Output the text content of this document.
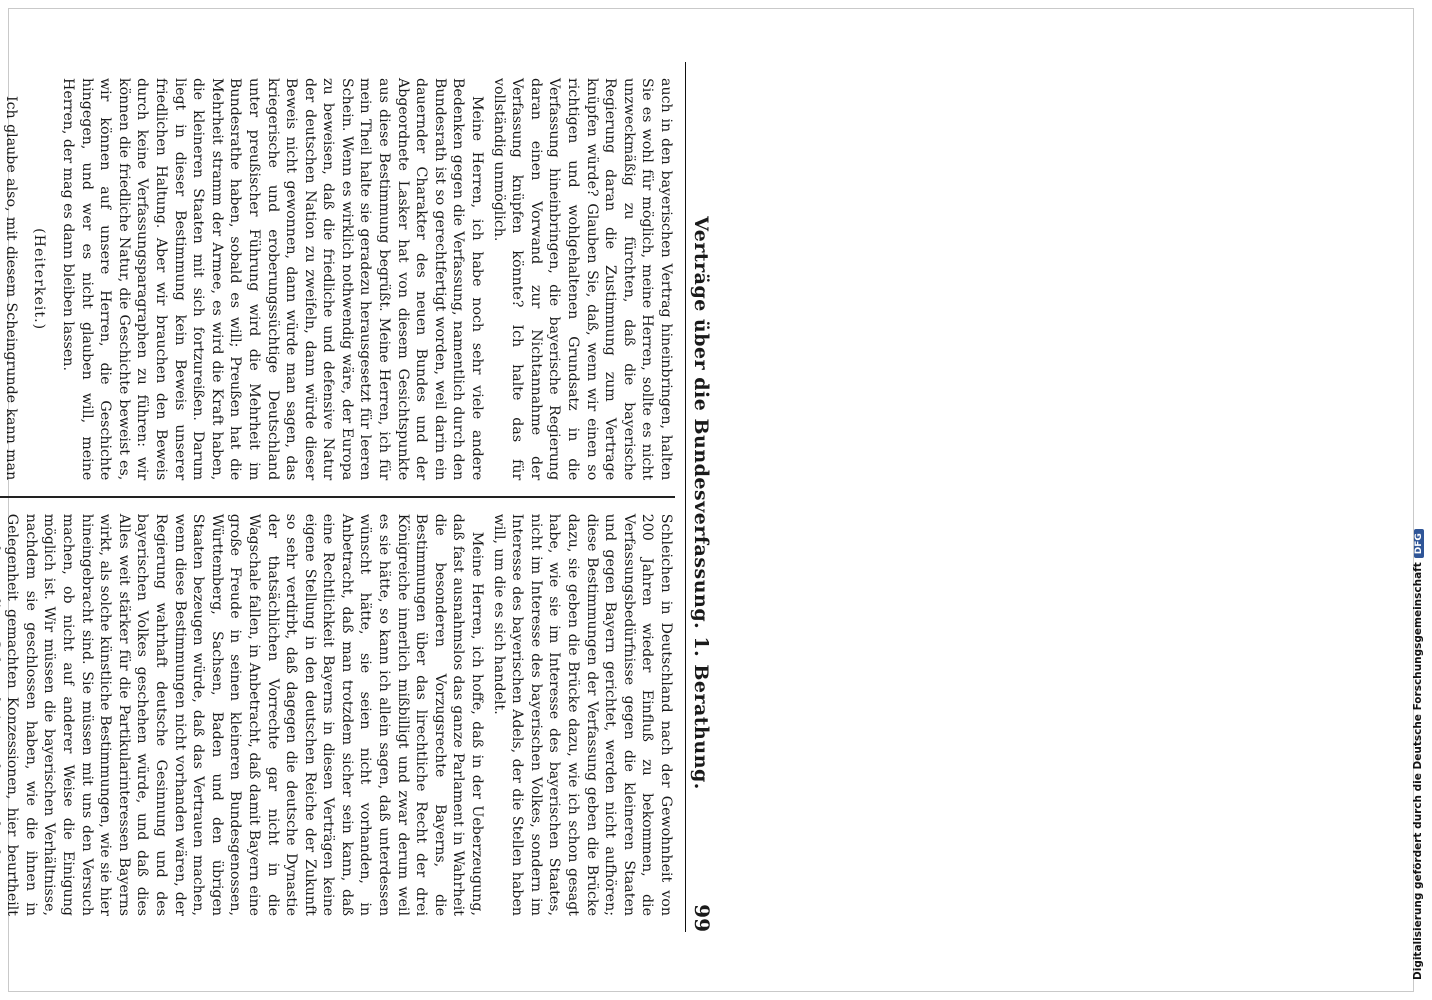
Verträge über die Bundesverfassung. 1. Berathung.
99

auch in den bayerischen Vertrag hineinbringen, halten Sie es wohl für möglich, meine Herren, sollte es nicht unzweckmäßig zu fürchten, daß die bayerische Regierung daran die Zustimmung zum Vertrage knüpfen würde? Glauben Sie, daß, wenn wir einen so richtigen und wohlgehaltenen Grundsatz in die Verfassung hineinbringen, die bayerische Regierung daran einen Vorwand zur Nichtannahme der Verfassung knüpfen könnte? Ich halte das für vollständig unmöglich.

Meine Herren, ich habe noch sehr viele andere Bedenken gegen die Verfassung, namentlich durch den Bundesrath ist so gerechtfertigt worden, weil darin ein dauernder Charakter des neuen Bundes und der Abgeordnete Lasker hat von diesem Gesichtspunkte aus diese Bestimmung begrüßt. Meine Herren, ich für mein Theil halte sie geradezu herausgesetzt für leeren Schein. Wenn es wirklich nothwendig wäre, der Europa zu beweisen, daß die friedliche und defensive Natur der deutschen Nation zu zweifeln, dann würde dieser Beweis nicht gewonnen, dann würde man sagen, das kriegerische und eroberungssüchtige Deutschland unter preußischer Führung wird die Mehrheit im Bundesrathe haben, sobald es will; Preußen hat die Mehrheit stramm der Armee, es wird die Kraft haben, die kleineren Staaten mit sich fortzureißen. Darum liegt in dieser Bestimmung kein Beweis unserer friedlichen Haltung. Aber wir brauchen den Beweis durch keine Verfassungsparagraphen zu führen: wir können die friedliche Natur, die Geschichte beweist es, wir können auf unsere Herren, die Geschichte hingegen, und wer es nicht glauben will, meine Herren, der mag es dann bleiben lassen.

(Heiterkeit.)

Ich glaube also, mit diesem Scheingrunde kann man

Schleichen in Deutschland nach der Gewohnheit von 200 Jahren wieder Einfluß zu bekommen, die Verfassungsbedürfnisse gegen die kleineren Staaten und gegen Bayern gerichtet, werden nicht aufhören; diese Bestimmungen der Verfassung geben die Brücke dazu, sie geben die Brücke dazu, wie ich schon gesagt habe, wie sie im Interesse des bayerischen Staates, nicht im Interesse des bayerischen Volkes, sondern im Interesse des bayerischen Adels, der die Stellen haben will, um die es sich handelt.

Meine Herren, ich hoffe, daß in der Ueberzeugung, daß fast ausnahmslos das ganze Parlament in Wahrheit die besonderen Vorzugsrechte Bayerns, die Bestimmungen über das lirechtliche Recht der drei Königreiche innerlich mißbilligt und zwar derum weil es sie hätte, so kann ich allein sagen, daß unterdessen wünscht hätte, sie seien nicht vorhanden, in Anbetracht, daß man trotzdem sicher sein kann, daß eine Rechtlichkeit Bayerns in diesen Verträgen keine eigene Stellung in den deutschen Reiche der Zukunft so sehr verdirbt, daß dagegen die deutsche Dynastie der thatsächlichen Vorrechte gar nicht in die Wagschale fallen, in Anbetracht, daß damit Bayern eine große Freude in seinen kleineren Bundesgenossen, Württemberg, Sachsen, Baden und den übrigen Staaten bezeugen würde, daß das Vertrauen machen, wenn diese Bestimmungen nicht vorhanden wären, der Regierung wahrhaft deutsche Gesinnung und des bayerischen Volkes geschehen würde, und daß dies Alles weit stärker für die Partikularinteressen Bayerns wirkt, als solche künstliche Bestimmungen, wie sie hier hineingebracht sind. Sie müssen mit uns den Versuch machen, ob nicht auf anderer Weise die Einigung möglich ist. Wir müssen die bayerischen Verhältnisse, nachdem sie geschlossen haben, wie die ihnen in Gelegenheit gemachten Konzessionen, hier beurtheilt	Digitalisierung gefördert durch die Deutsche ForschungsgemeinschaftDFG
